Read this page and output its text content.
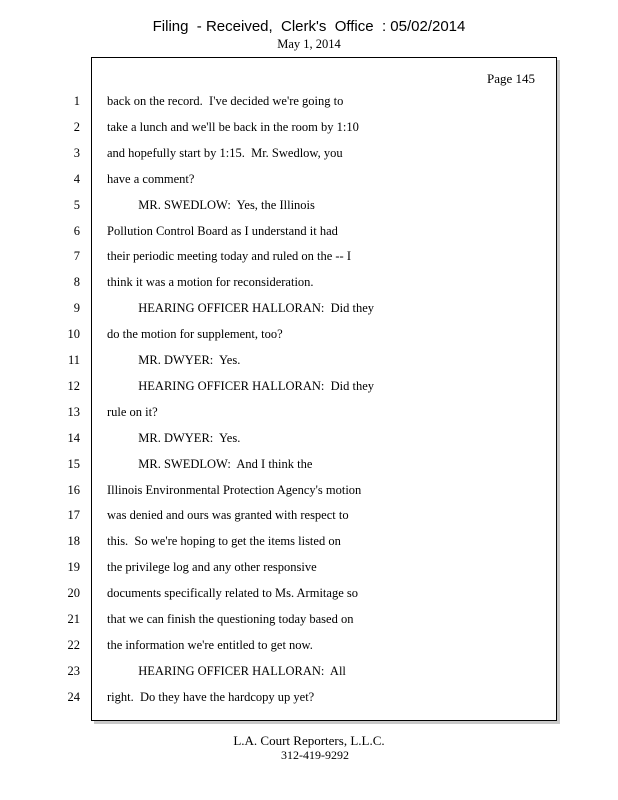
Filing  - Received,  Clerk's  Office  : 05/02/2014
May 1, 2014
Page 145
1 back on the record.  I've decided we're going to
2 take a lunch and we'll be back in the room by 1:10
3 and hopefully start by 1:15.  Mr. Swedlow, you
4 have a comment?
5 MR. SWEDLOW:  Yes, the Illinois
6 Pollution Control Board as I understand it had
7 their periodic meeting today and ruled on the -- I
8 think it was a motion for reconsideration.
9 HEARING OFFICER HALLORAN:  Did they
10 do the motion for supplement, too?
11 MR. DWYER:  Yes.
12 HEARING OFFICER HALLORAN:  Did they
13 rule on it?
14 MR. DWYER:  Yes.
15 MR. SWEDLOW:  And I think the
16 Illinois Environmental Protection Agency's motion
17 was denied and ours was granted with respect to
18 this.  So we're hoping to get the items listed on
19 the privilege log and any other responsive
20 documents specifically related to Ms. Armitage so
21 that we can finish the questioning today based on
22 the information we're entitled to get now.
23 HEARING OFFICER HALLORAN:  All
24 right.  Do they have the hardcopy up yet?
L.A. Court Reporters, L.L.C.
312-419-9292
